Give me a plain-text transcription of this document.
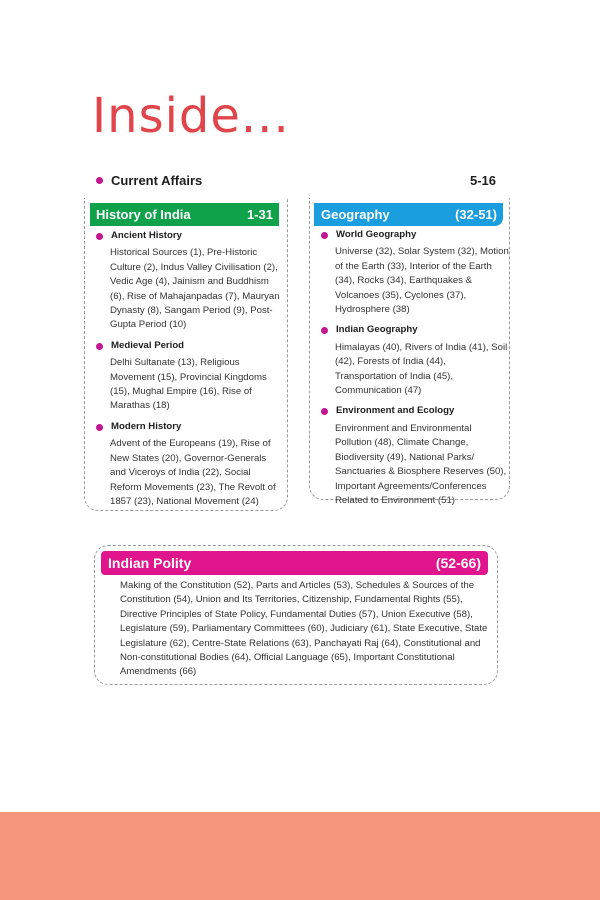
Inside...
Current Affairs	5-16
History of India	1-31
Ancient History
Historical Sources (1), Pre-Historic Culture (2), Indus Valley Civilisation (2), Vedic Age (4), Jainism and Buddhism (6), Rise of Mahajanpadas (7), Mauryan Dynasty (8), Sangam Period (9), Post-Gupta Period (10)
Medieval Period
Delhi Sultanate (13), Religious Movement (15), Provincial Kingdoms (15), Mughal Empire (16), Rise of Marathas (18)
Modern History
Advent of the Europeans (19), Rise of New States (20), Governor-Generals and Viceroys of India (22), Social Reform Movements (23), The Revolt of 1857 (23), National Movement (24)
Geography	(32-51)
World Geography
Universe (32), Solar System (32), Motion of the Earth (33), Interior of the Earth (34), Rocks (34), Earthquakes & Volcanoes (35), Cyclones (37), Hydrosphere (38)
Indian Geography
Himalayas (40), Rivers of India (41), Soil (42), Forests of India (44), Transportation of India (45), Communication (47)
Environment and Ecology
Environment and Environmental Pollution (48), Climate Change, Biodiversity (49), National Parks/ Sanctuaries & Biosphere Reserves (50), Important Agreements/Conferences Related to Environment (51)
Indian Polity	(52-66)
Making of the Constitution (52), Parts and Articles (53), Schedules & Sources of the Constitution (54), Union and Its Territories, Citizenship, Fundamental Rights (55), Directive Principles of State Policy, Fundamental Duties (57), Union Executive (58), Legislature (59), Parliamentary Committees (60), Judiciary (61), State Executive, State Legislature (62), Centre-State Relations (63), Panchayati Raj (64), Constitutional and Non-constitutional Bodies (64), Official Language (65), Important Constitutional Amendments (66)
